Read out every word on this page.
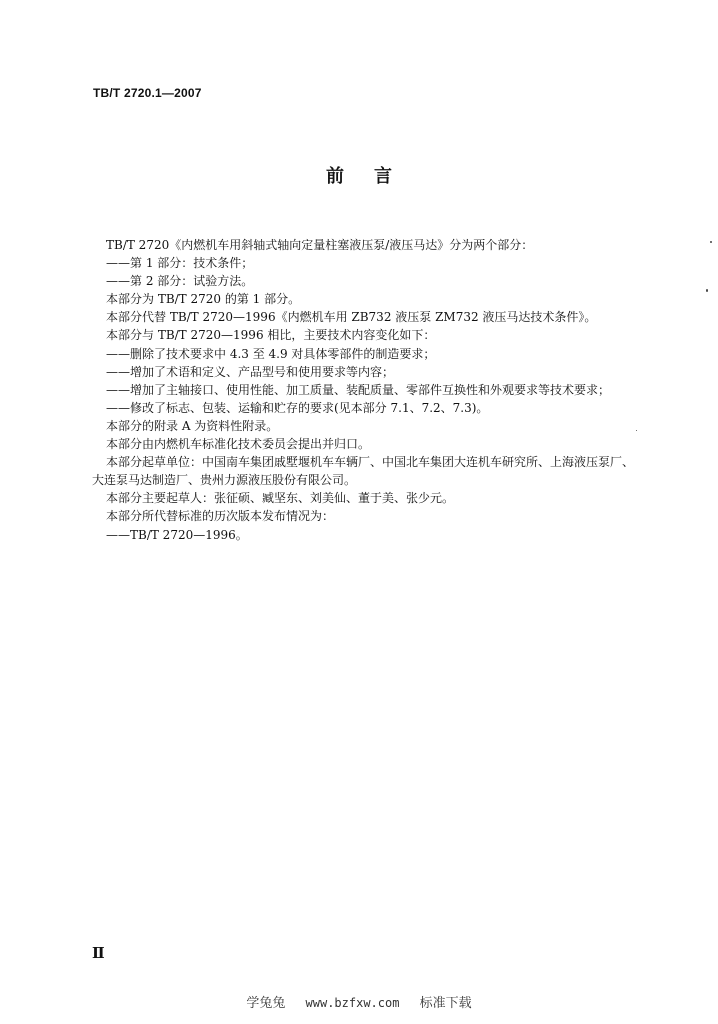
TB/T 2720.1—2007
前言
TB/T 2720《内燃机车用斜轴式轴向定量柱塞液压泵/液压马达》分为两个部分：
——第 1 部分：技术条件；
——第 2 部分：试验方法。
本部分为 TB/T 2720 的第 1 部分。
本部分代替 TB/T 2720—1996《内燃机车用 ZB732 液压泵 ZM732 液压马达技术条件》。
本部分与 TB/T 2720—1996 相比，主要技术内容变化如下：
——删除了技术要求中 4.3 至 4.9 对具体零部件的制造要求；
——增加了术语和定义、产品型号和使用要求等内容；
——增加了主轴接口、使用性能、加工质量、装配质量、零部件互换性和外观要求等技术要求；
——修改了标志、包装、运输和贮存的要求(见本部分 7.1、7.2、7.3)。
本部分的附录 A 为资料性附录。
本部分由内燃机车标准化技术委员会提出并归口。
本部分起草单位：中国南车集团戚墅堰机车车辆厂、中国北车集团大连机车研究所、上海液压泵厂、
大连泵马达制造厂、贵州力源液压股份有限公司。
本部分主要起草人：张征硕、臧坚东、刘美仙、董于美、张少元。
本部分所代替标准的历次版本发布情况为：
——TB/T 2720—1996。
Ⅱ
学兔兔 www.bzfxw.com 标准下载
